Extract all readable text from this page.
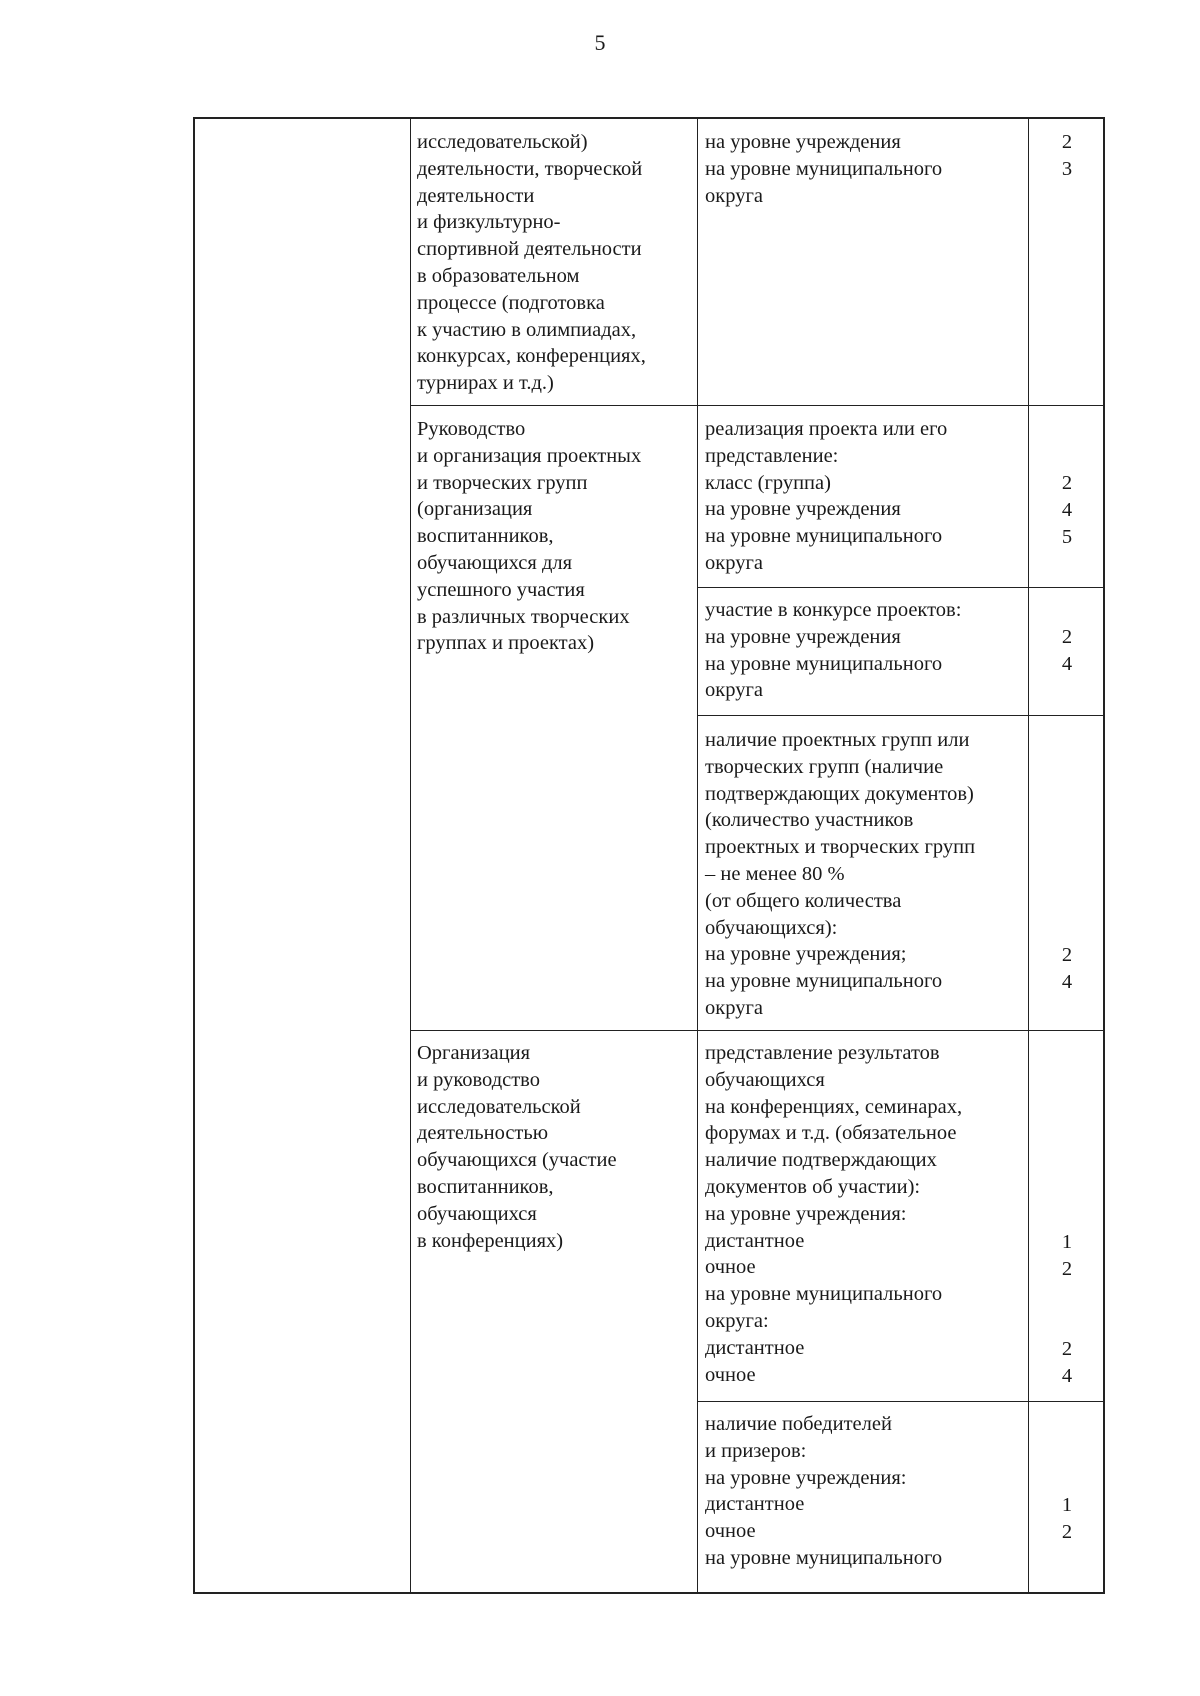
5
исследовательской)
деятельности, творческой
деятельности
и физкультурно-
спортивной деятельности
в образовательном
процессе (подготовка
к участию в олимпиадах,
конкурсах, конференциях,
турнирах и т.д.)
на уровне учреждения
на уровне муниципального
округа
2
3
Руководство
и организация проектных
и творческих групп
(организация
воспитанников,
обучающихся для
успешного участия
в различных творческих
группах и проектах)
реализация проекта или его
представление:
класс (группа)
на уровне учреждения
на уровне муниципального
округа
2
4
5
участие в конкурсе проектов:
на уровне учреждения
на уровне муниципального
округа
2
4
наличие проектных групп или
творческих групп (наличие
подтверждающих документов)
(количество участников
проектных и творческих групп
– не менее 80 %
(от общего количества
обучающихся):
на уровне учреждения;
на уровне муниципального
округа
2
4
Организация
и руководство
исследовательской
деятельностью
обучающихся (участие
воспитанников,
обучающихся
в конференциях)
представление результатов
обучающихся
на конференциях, семинарах,
форумах и т.д. (обязательное
наличие подтверждающих
документов об участии):
на уровне учреждения:
дистантное
очное
на уровне муниципального
округа:
дистантное
очное
1
2

2
4
наличие победителей
и призеров:
на уровне учреждения:
дистантное
очное
на уровне муниципального
1
2
